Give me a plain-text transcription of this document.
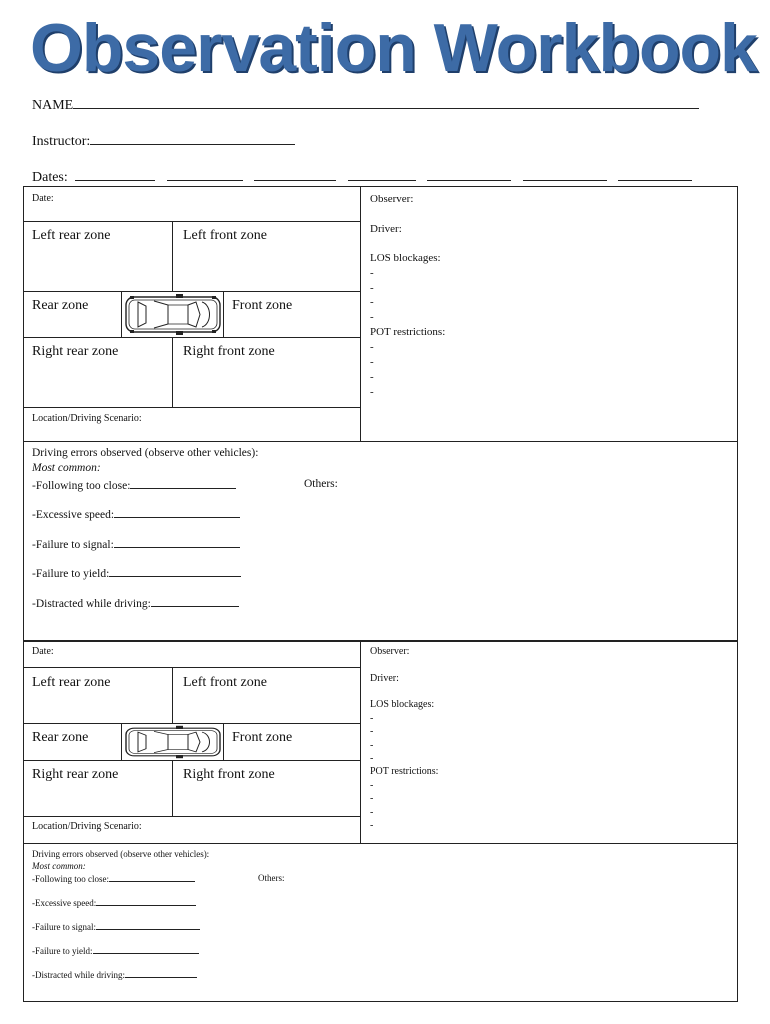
Observation Workbook
NAME
Instructor:
Dates:
Date:
Left rear zone	Left front zone
Rear zone	Front zone
Right rear zone	Right front zone
Location/Driving Scenario:
Observer:
Driver:
LOS blockages:
-
-
-
-
POT restrictions:
-
-
-
-
Driving errors observed (observe other vehicles):
Most common:
-Following too close:	Others:
-Excessive speed:
-Failure to signal:
-Failure to yield:
-Distracted while driving:
Date:
Left rear zone	Left front zone
Rear zone	Front zone
Right rear zone	Right front zone
Location/Driving Scenario:
Observer:
Driver:
LOS blockages:
-
-
-
-
POT restrictions:
-
-
-
-
Driving errors observed (observe other vehicles):
Most common:
-Following too close:	Others:
-Excessive speed:
-Failure to signal:
-Failure to yield:
-Distracted while driving:
